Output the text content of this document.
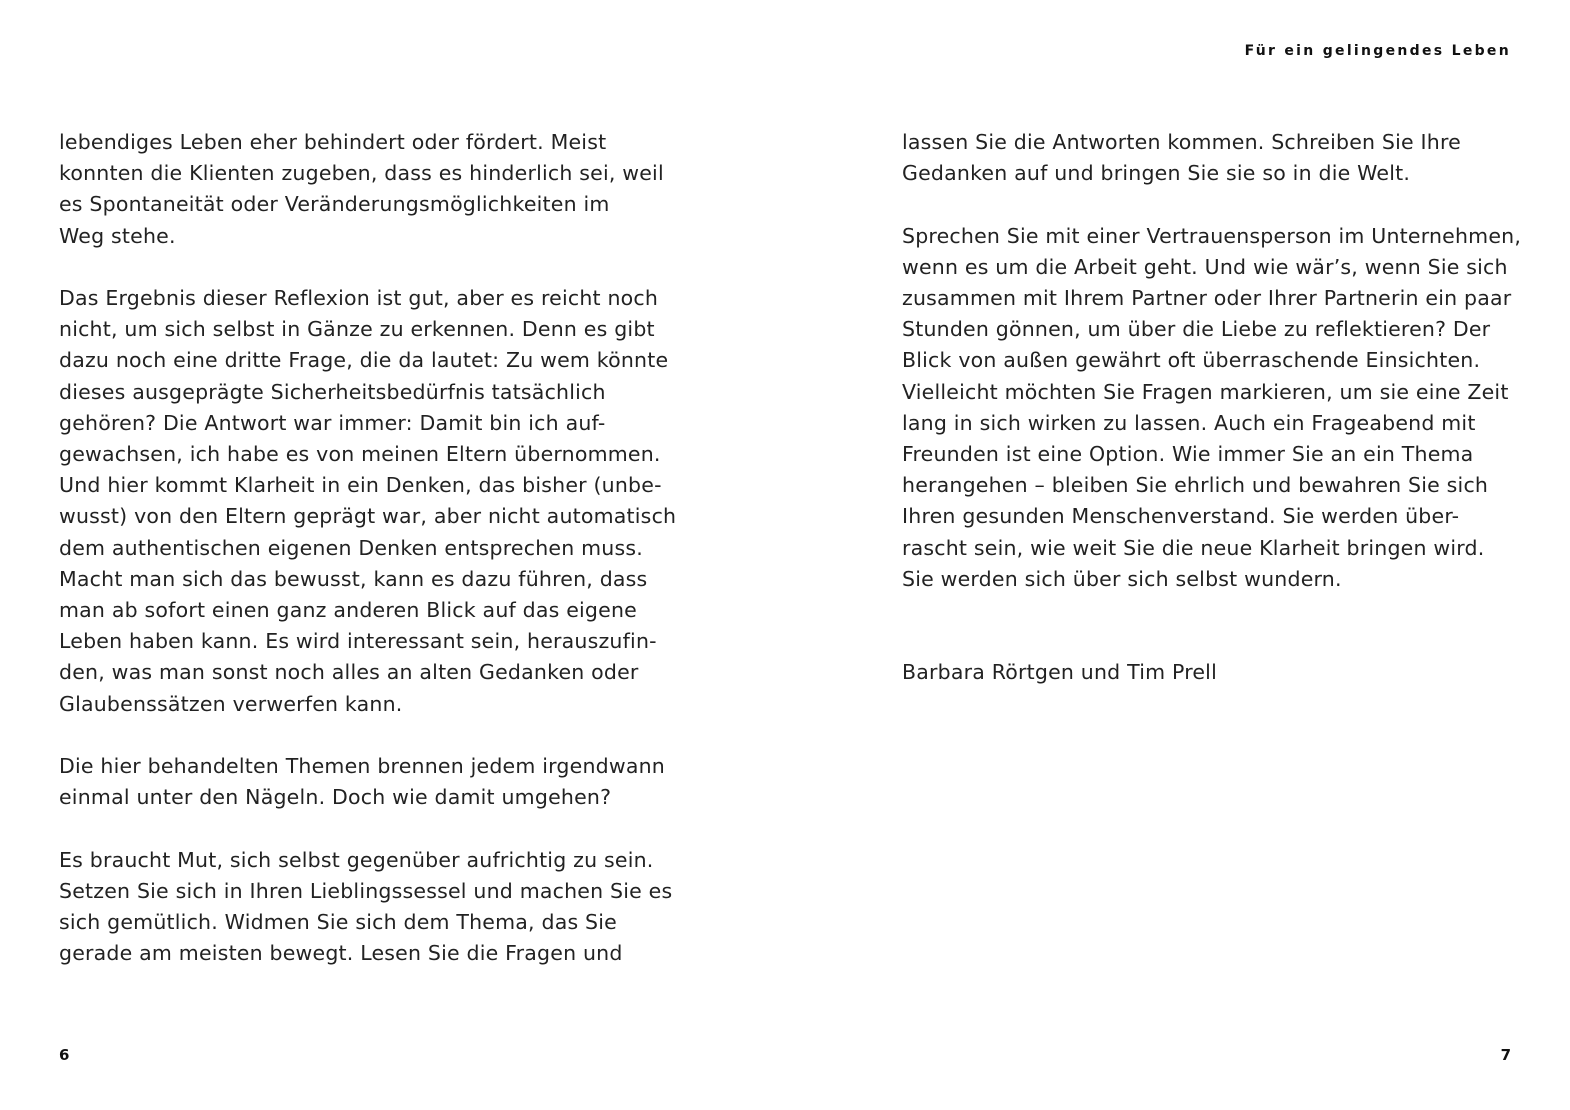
Für ein gelingendes Leben
lebendiges Leben eher behindert oder fördert. Meist
konnten die Klienten zugeben, dass es hinderlich sei, weil
es Spontaneität oder Veränderungsmöglichkeiten im
Weg stehe.
Das Ergebnis dieser Reflexion ist gut, aber es reicht noch
nicht, um sich selbst in Gänze zu erkennen. Denn es gibt
dazu noch eine dritte Frage, die da lautet: Zu wem könnte
dieses ausgeprägte Sicherheitsbedürfnis tatsächlich
gehören? Die Antwort war immer: Damit bin ich auf-
gewachsen, ich habe es von meinen Eltern übernommen.
Und hier kommt Klarheit in ein Denken, das bisher (unbe-
wusst) von den Eltern geprägt war, aber nicht automatisch
dem authentischen eigenen Denken entsprechen muss.
Macht man sich das bewusst, kann es dazu führen, dass
man ab sofort einen ganz anderen Blick auf das eigene
Leben haben kann. Es wird interessant sein, herauszufin-
den, was man sonst noch alles an alten Gedanken oder
Glaubenssätzen verwerfen kann.
Die hier behandelten Themen brennen jedem irgendwann
einmal unter den Nägeln. Doch wie damit umgehen?
Es braucht Mut, sich selbst gegenüber aufrichtig zu sein.
Setzen Sie sich in Ihren Lieblingssessel und machen Sie es
sich gemütlich. Widmen Sie sich dem Thema, das Sie
gerade am meisten bewegt. Lesen Sie die Fragen und
lassen Sie die Antworten kommen. Schreiben Sie Ihre
Gedanken auf und bringen Sie sie so in die Welt.
Sprechen Sie mit einer Vertrauensperson im Unternehmen,
wenn es um die Arbeit geht. Und wie wär’s, wenn Sie sich
zusammen mit Ihrem Partner oder Ihrer Partnerin ein paar
Stunden gönnen, um über die Liebe zu reflektieren? Der
Blick von außen gewährt oft überraschende Einsichten.
Vielleicht möchten Sie Fragen markieren, um sie eine Zeit
lang in sich wirken zu lassen. Auch ein Frageabend mit
Freunden ist eine Option. Wie immer Sie an ein Thema
herangehen – bleiben Sie ehrlich und bewahren Sie sich
Ihren gesunden Menschenverstand. Sie werden über-
rascht sein, wie weit Sie die neue Klarheit bringen wird.
Sie werden sich über sich selbst wundern.
Barbara Rörtgen und Tim Prell
6	7
